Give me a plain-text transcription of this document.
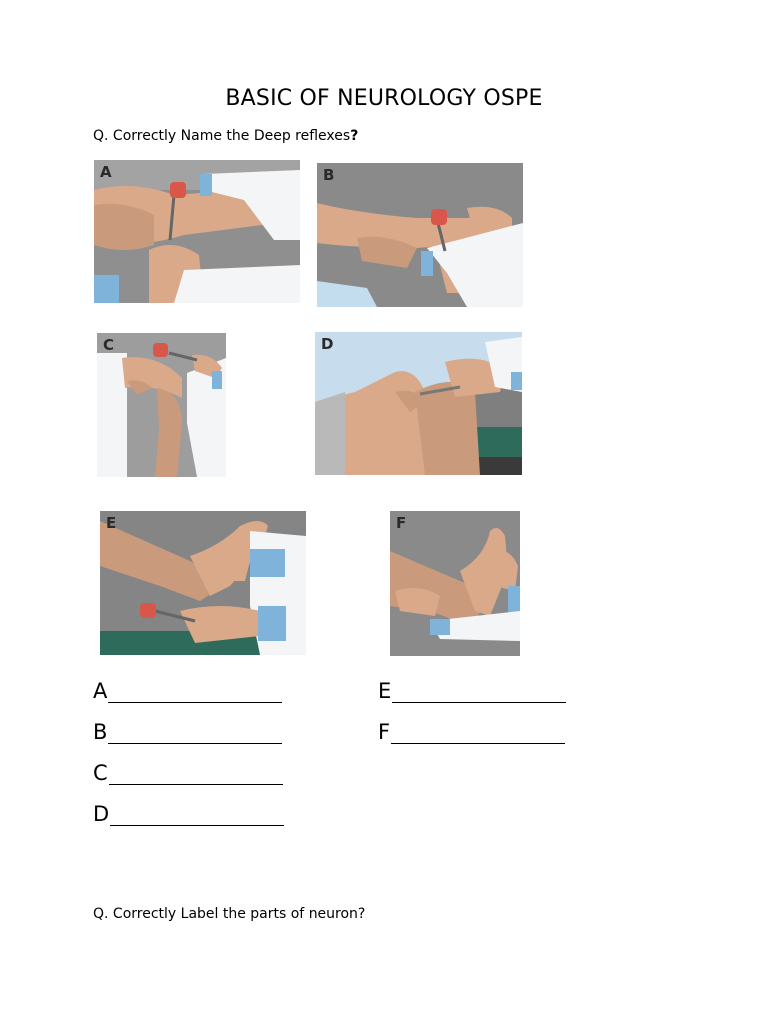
BASIC OF NEUROLOGY OSPE
Q. Correctly Name the Deep reflexes?
A	B
C	D
E	F
A
B
C
D
E
F
Q. Correctly Label the parts of neuron?
